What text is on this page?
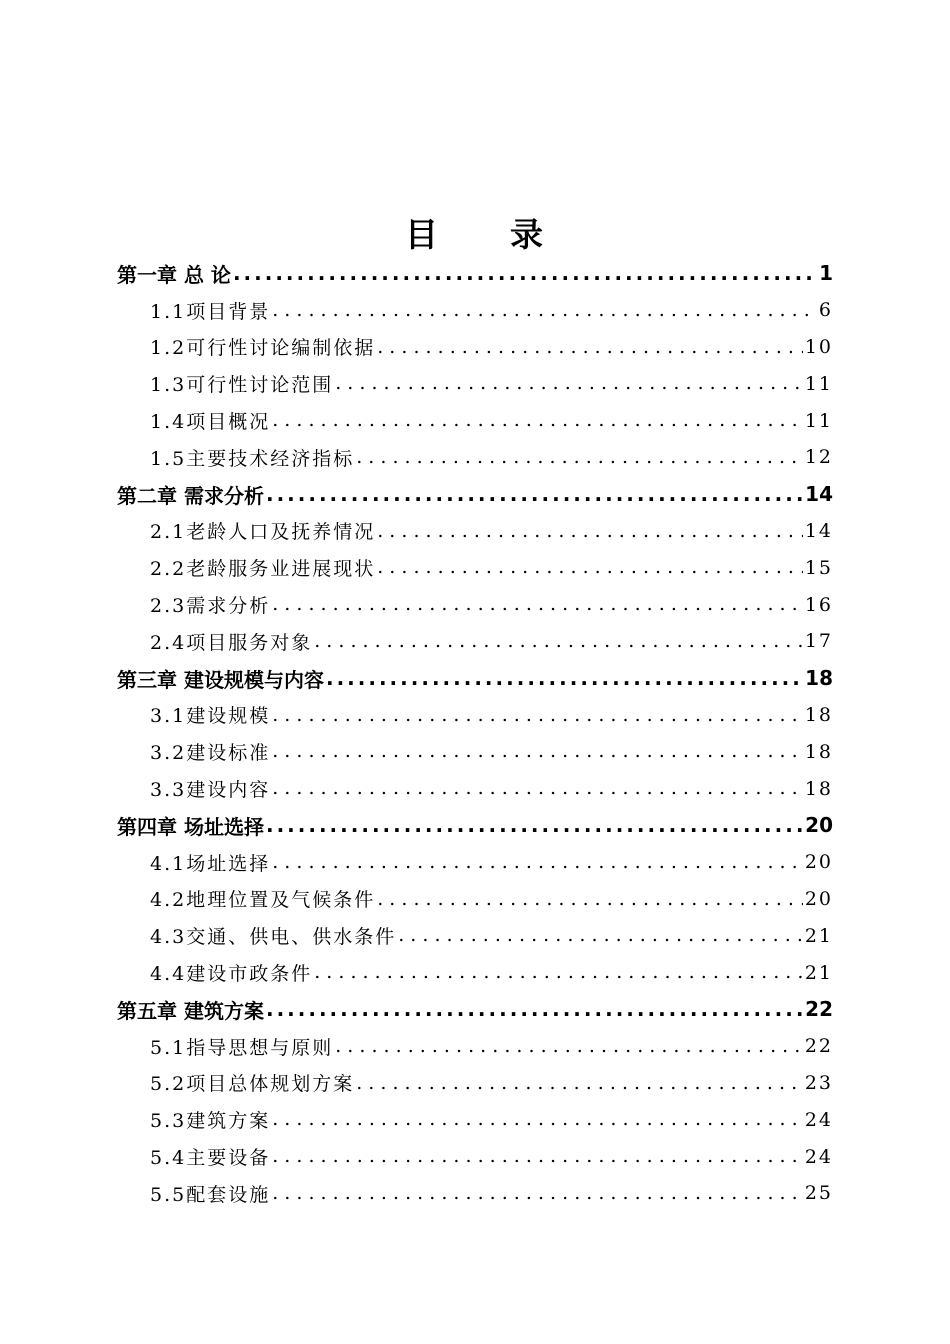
目　　录
第一章 总 论 .....	1
1.1项目背景 . . .	6
1.2可行性讨论编制依据 . . .	10
1.3可行性讨论范围 . . .	11
1.4项目概况 . . .	11
1.5主要技术经济指标 . . .	12
第二章 需求分析 .....	14
2.1老龄人口及抚养情况 . . .	14
2.2老龄服务业进展现状 . . .	15
2.3需求分析 . . .	16
2.4项目服务对象 . . .	17
第三章 建设规模与内容 .....	18
3.1建设规模 . . .	18
3.2建设标准 . . .	18
3.3建设内容 . . .	18
第四章 场址选择 .....	20
4.1场址选择 . . .	20
4.2地理位置及气候条件 . . .	20
4.3交通、供电、供水条件 . . .	21
4.4建设市政条件 . . .	21
第五章 建筑方案 .....	22
5.1指导思想与原则 . . .	22
5.2项目总体规划方案 . . .	23
5.3建筑方案 . . .	24
5.4主要设备 . . .	24
5.5配套设施 . . .	25
